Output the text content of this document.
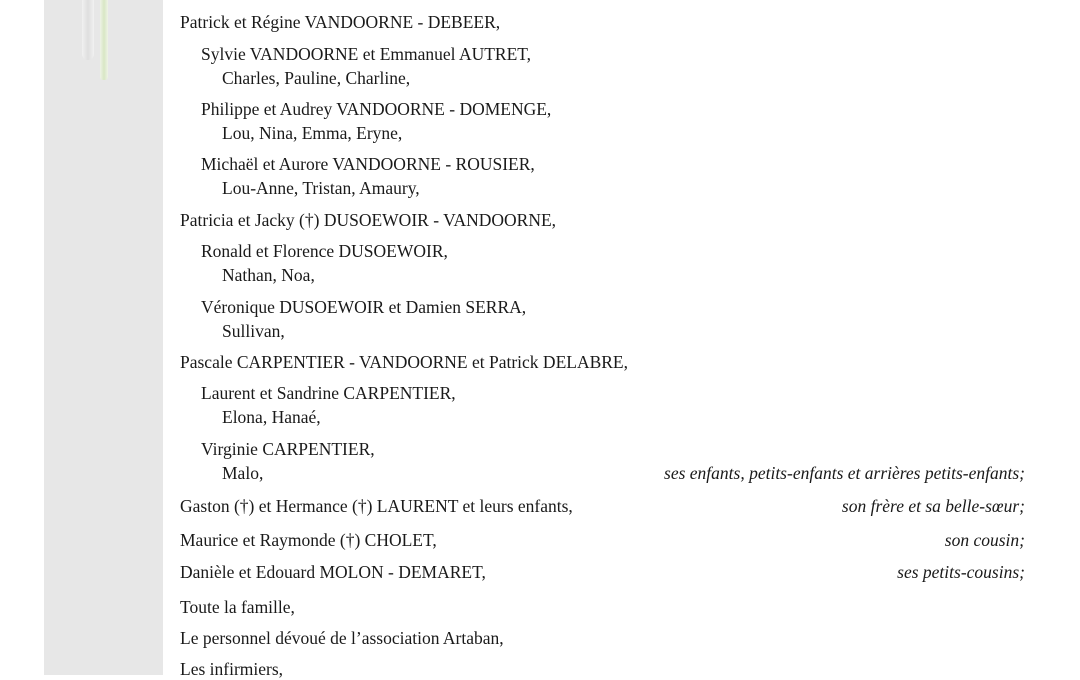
Patrick et Régine VANDOORNE - DEBEER,
Sylvie VANDOORNE et Emmanuel AUTRET,
Charles, Pauline, Charline,
Philippe et Audrey VANDOORNE - DOMENGE,
Lou, Nina, Emma, Eryne,
Michaël et Aurore VANDOORNE - ROUSIER,
Lou-Anne, Tristan, Amaury,
Patricia et Jacky (†) DUSOEWOIR - VANDOORNE,
Ronald et Florence DUSOEWOIR,
Nathan, Noa,
Véronique DUSOEWOIR et Damien SERRA,
Sullivan,
Pascale CARPENTIER - VANDOORNE et Patrick DELABRE,
Laurent et Sandrine CARPENTIER,
Elona, Hanaé,
Virginie CARPENTIER,
Malo,	ses enfants, petits-enfants et arrières petits-enfants;
Gaston (†) et Hermance (†) LAURENT et leurs enfants,	son frère et sa belle-sœur;
Maurice et Raymonde (†) CHOLET,	son cousin;
Danièle et Edouard MOLON - DEMARET,	ses petits-cousins;
Toute la famille,
Le personnel dévoué de l’association Artaban,
Les infirmiers,
